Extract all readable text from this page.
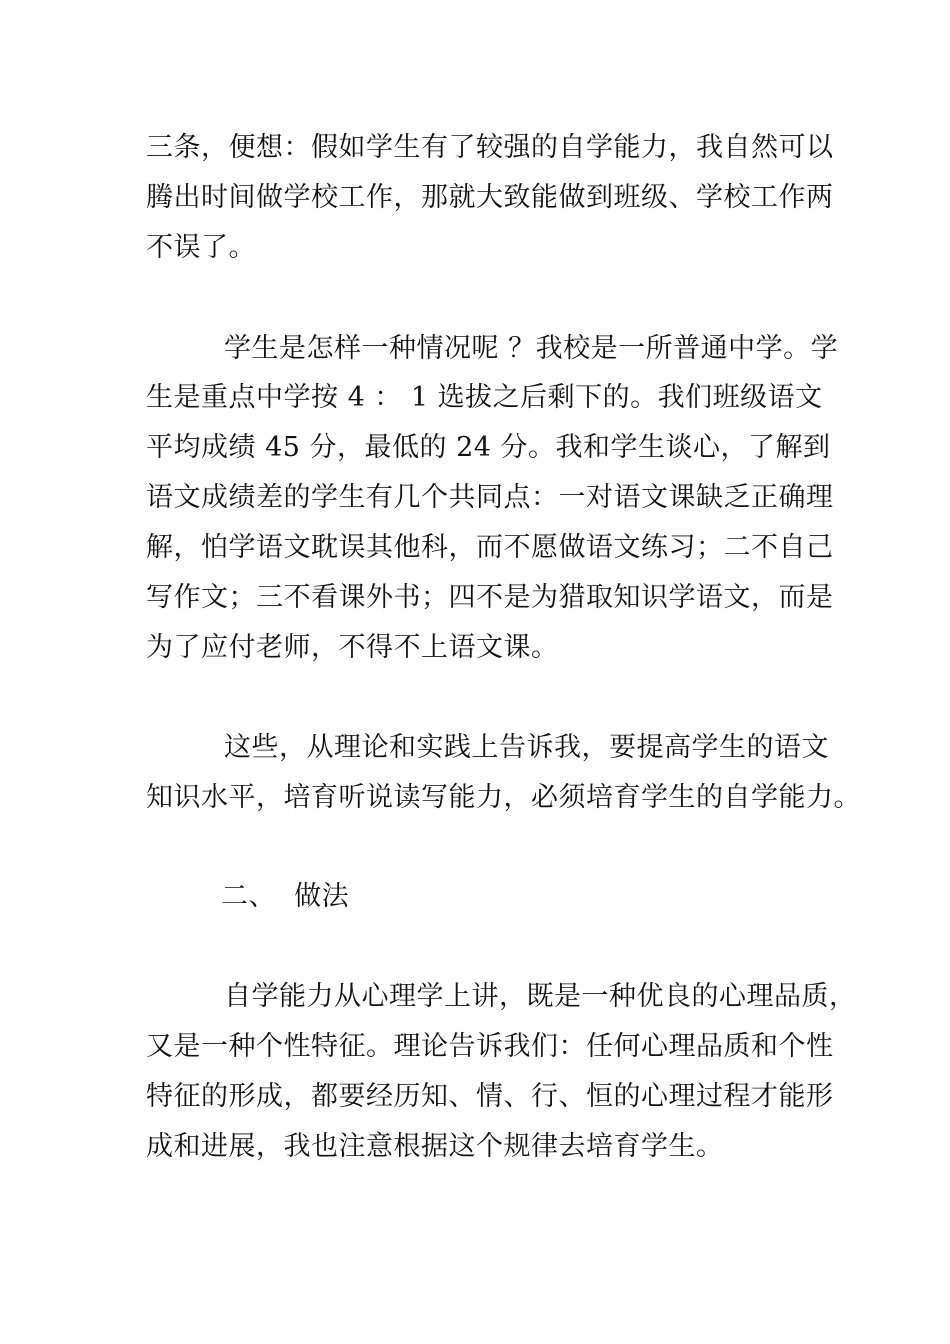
三条，便想：假如学生有了较强的自学能力，我自然可以
腾出时间做学校工作，那就大致能做到班级、学校工作两
不误了。
学生是怎样一种情况呢 ？我校是一所普通中学。学
生是重点中学按 4 ： 1 选拔之后剩下的。我们班级语文
平均成绩 45 分，最低的 24 分。我和学生谈心，了解到
语文成绩差的学生有几个共同点：一对语文课缺乏正确理
解，怕学语文耽误其他科，而不愿做语文练习；二不自己
写作文；三不看课外书；四不是为猎取知识学语文，而是
为了应付老师，不得不上语文课。
这些，从理论和实践上告诉我，要提高学生的语文
知识水平，培育听说读写能力，必须培育学生的自学能力。
二、  做法
自学能力从心理学上讲，既是一种优良的心理品质，
又是一种个性特征。理论告诉我们：任何心理品质和个性
特征的形成，都要经历知、情、行、恒的心理过程才能形
成和进展，我也注意根据这个规律去培育学生。
